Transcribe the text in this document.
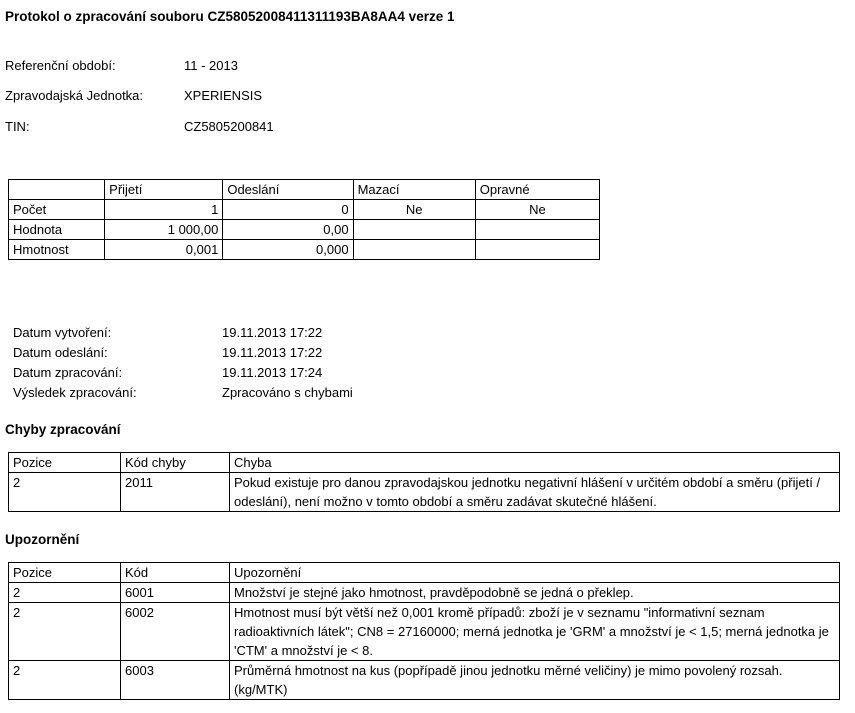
Protokol o zpracování souboru CZ58052008411311193BA8AA4 verze 1
Referenční období:	11 - 2013
Zpravodajská Jednotka:	XPERIENSIS
TIN:	CZ5805200841
	Přijetí	Odeslání	Mazací	Opravné
Počet	1	0	Ne	Ne
Hodnota	1 000,00	0,00		
Hmotnost	0,001	0,000		
Datum vytvoření:	19.11.2013 17:22
Datum odeslání:	19.11.2013 17:22
Datum zpracování:	19.11.2013 17:24
Výsledek zpracování:	Zpracováno s chybami
Chyby zpracování
Pozice	Kód chyby	Chyba
2	2011	Pokud existuje pro danou zpravodajskou jednotku negativní hlášení v určitém období a směru (přijetí / odeslání), není možno v tomto období a směru zadávat skutečné hlášení.
Upozornění
Pozice	Kód	Upozornění
2	6001	Množství je stejné jako hmotnost, pravděpodobně se jedná o překlep.
2	6002	Hmotnost musí být větší než 0,001 kromě případů: zboží je v seznamu "informativní seznam radioaktivních látek"; CN8 = 27160000; merná jednotka je 'GRM' a množství je < 1,5; merná jednotka je 'CTM' a množství je < 8.
2	6003	Průměrná hmotnost na kus (popřípadě jinou jednotku měrné veličiny) je mimo povolený rozsah. (kg/MTK)
